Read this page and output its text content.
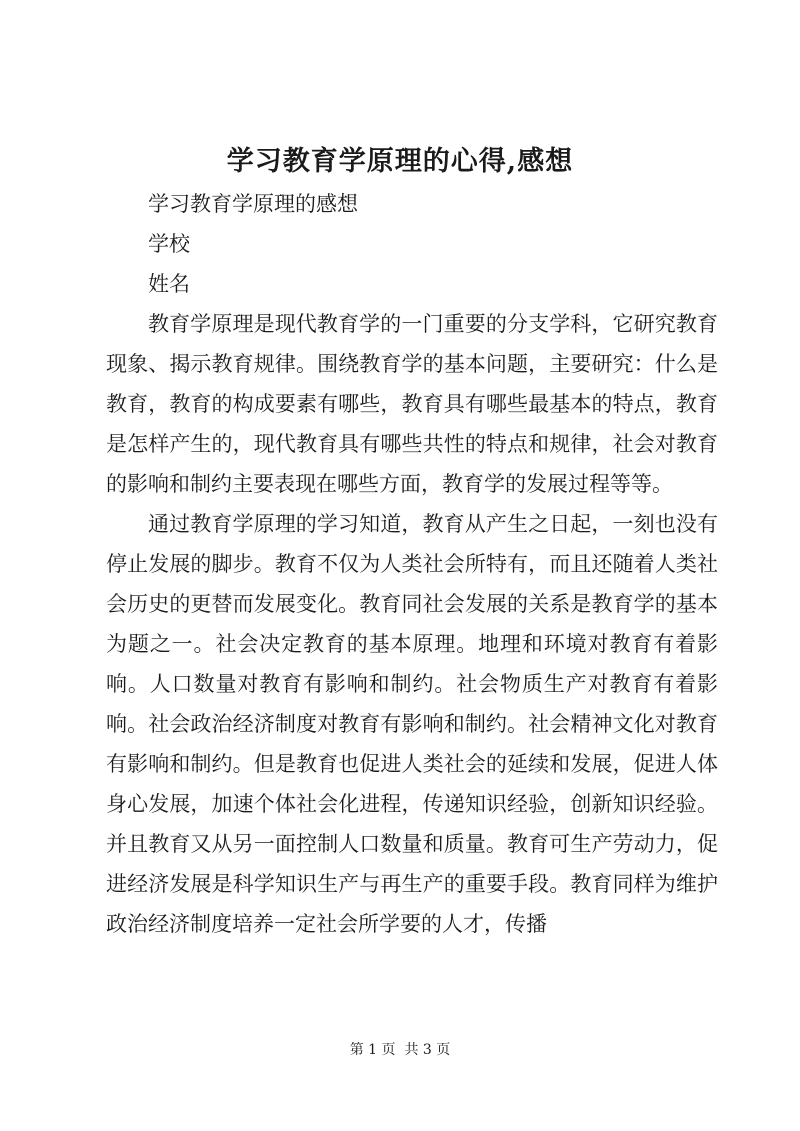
学习教育学原理的心得,感想

学习教育学原理的感想

学校

姓名

教育学原理是现代教育学的一门重要的分支学科，它研究教育现象、揭示教育规律。围绕教育学的基本问题，主要研究：什么是教育，教育的构成要素有哪些，教育具有哪些最基本的特点，教育是怎样产生的，现代教育具有哪些共性的特点和规律，社会对教育的影响和制约主要表现在哪些方面，教育学的发展过程等等。

通过教育学原理的学习知道，教育从产生之日起，一刻也没有停止发展的脚步。教育不仅为人类社会所特有，而且还随着人类社会历史的更替而发展变化。教育同社会发展的关系是教育学的基本为题之一。社会决定教育的基本原理。地理和环境对教育有着影响。人口数量对教育有影响和制约。社会物质生产对教育有着影响。社会政治经济制度对教育有影响和制约。社会精神文化对教育有影响和制约。但是教育也促进人类社会的延续和发展，促进人体身心发展，加速个体社会化进程，传递知识经验，创新知识经验。并且教育又从另一面控制人口数量和质量。教育可生产劳动力，促进经济发展是科学知识生产与再生产的重要手段。教育同样为维护政治经济制度培养一定社会所学要的人才，传播

第 1 页 共 3 页
